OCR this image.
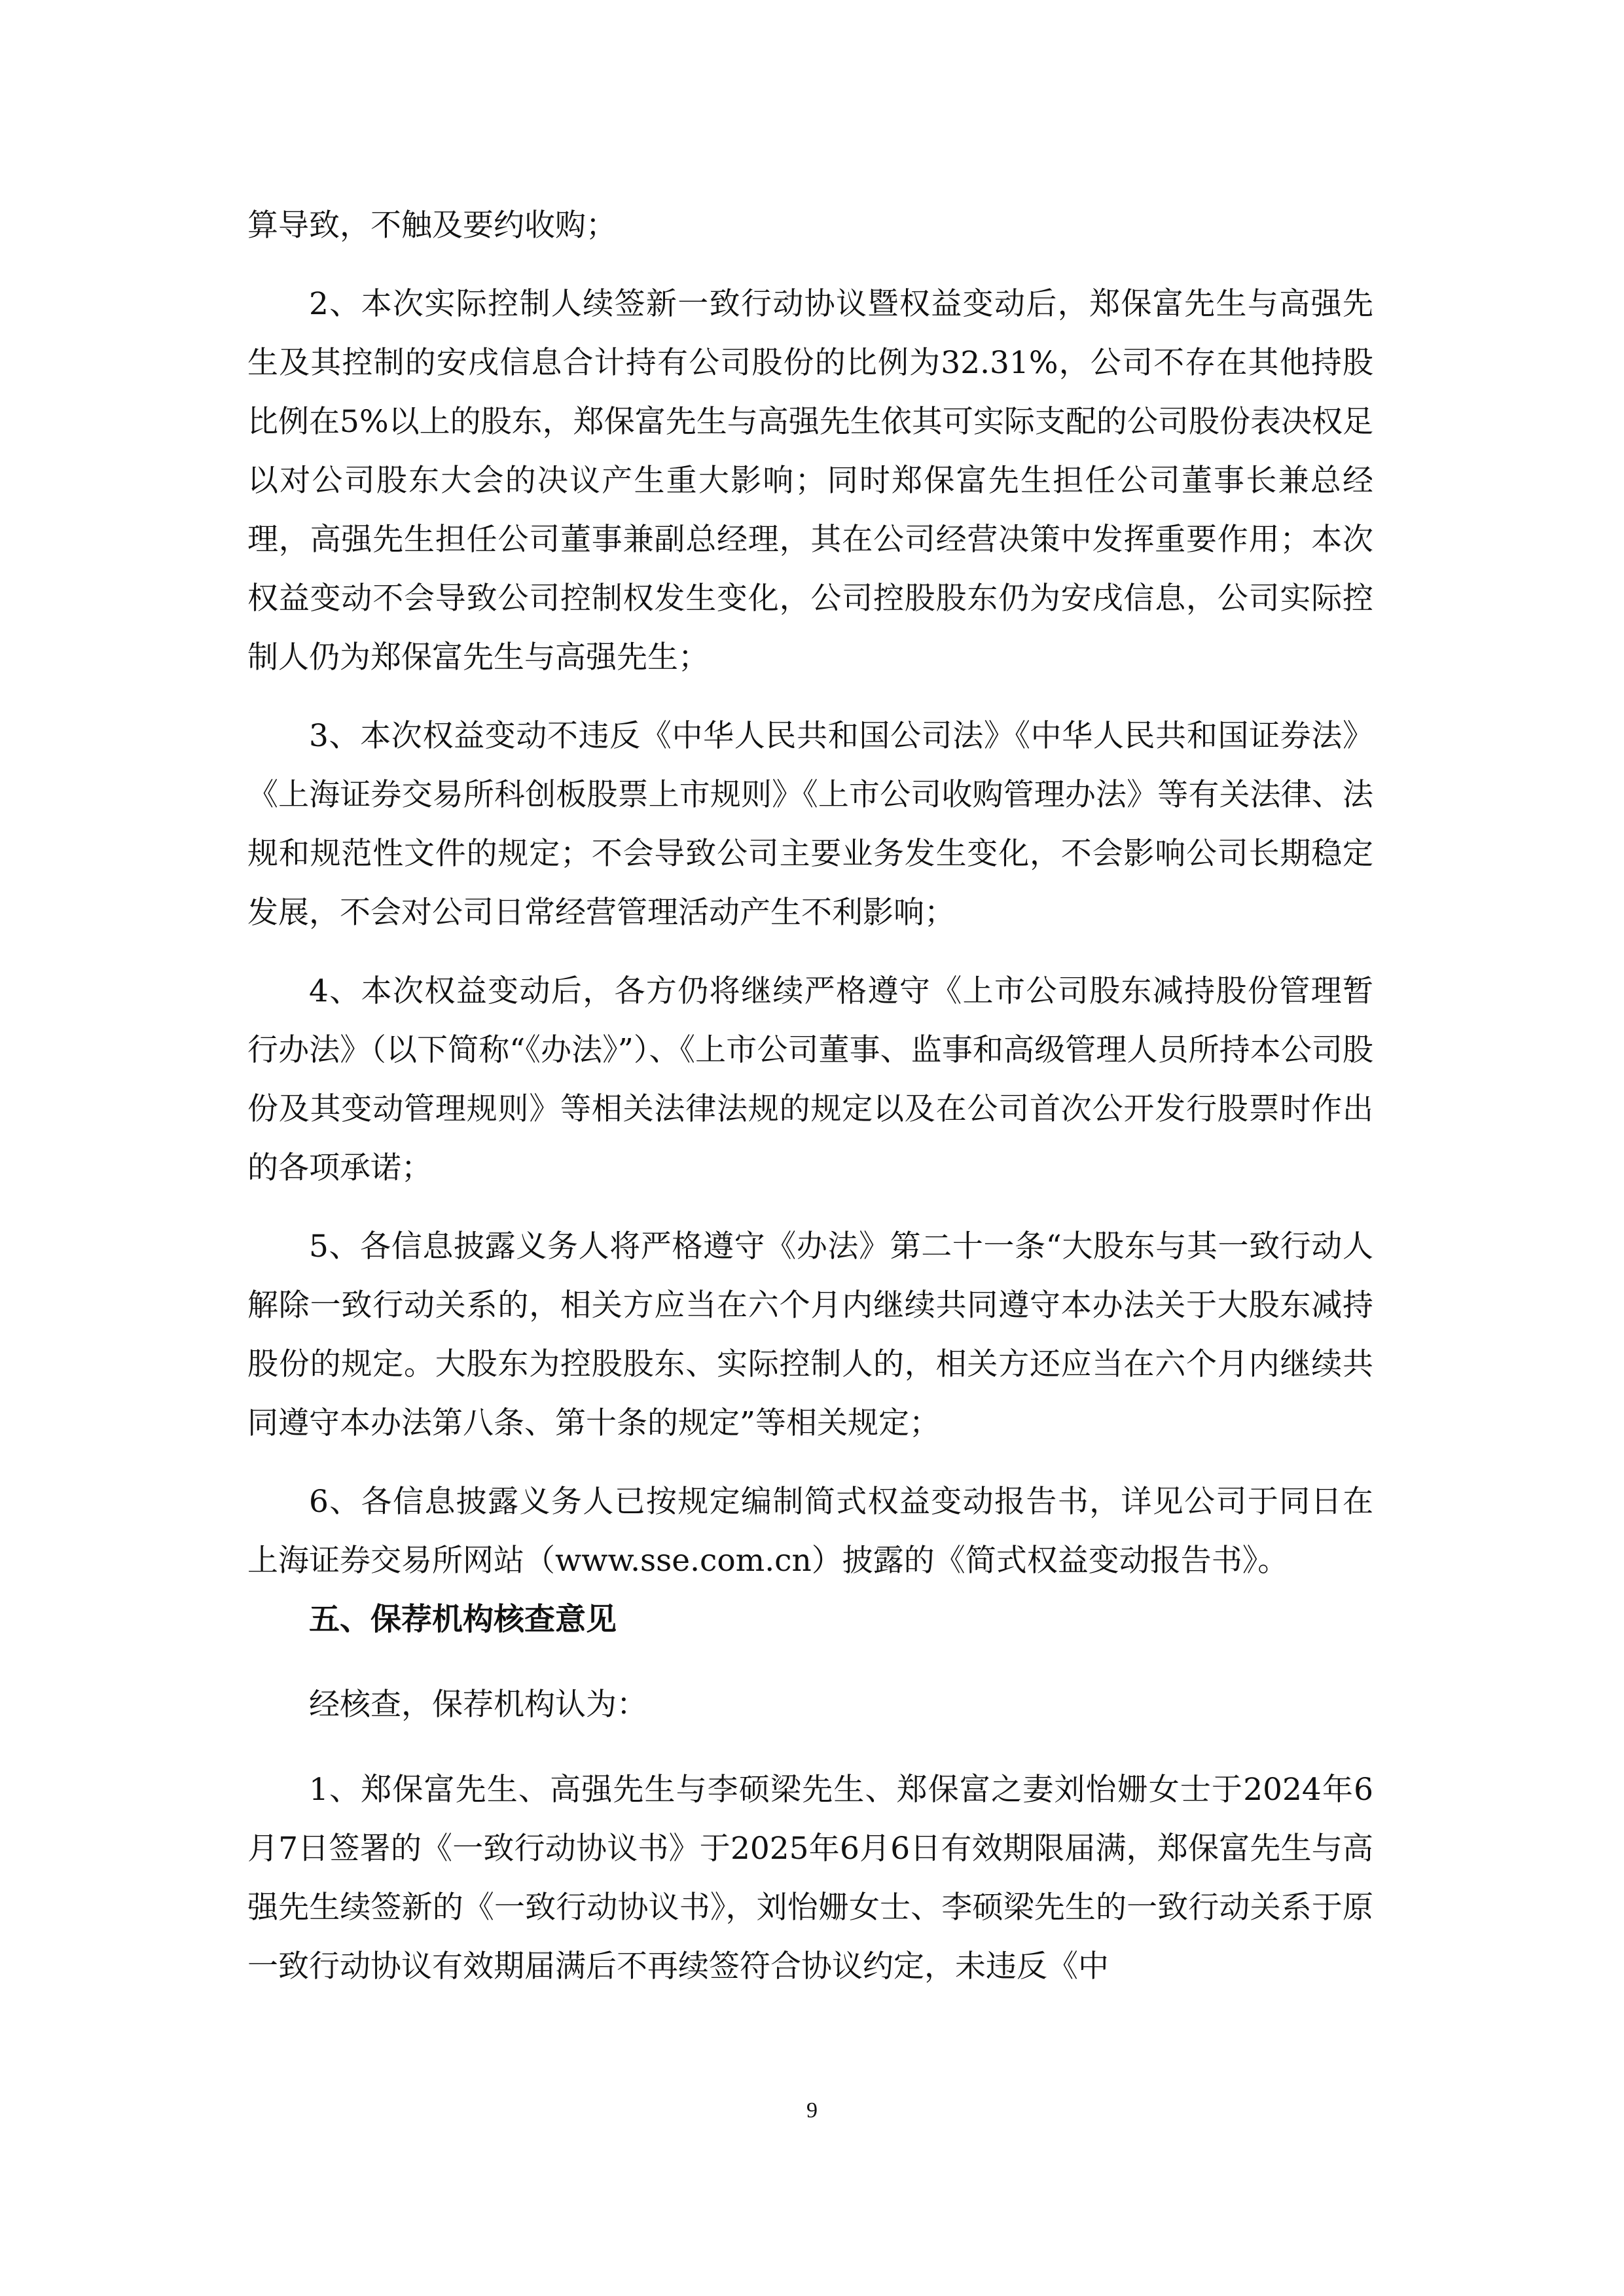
算导致，不触及要约收购；

2、本次实际控制人续签新一致行动协议暨权益变动后，郑保富先生与高强先生及其控制的安戌信息合计持有公司股份的比例为32.31%，公司不存在其他持股比例在5%以上的股东，郑保富先生与高强先生依其可实际支配的公司股份表决权足以对公司股东大会的决议产生重大影响；同时郑保富先生担任公司董事长兼总经理，高强先生担任公司董事兼副总经理，其在公司经营决策中发挥重要作用；本次权益变动不会导致公司控制权发生变化，公司控股股东仍为安戌信息，公司实际控制人仍为郑保富先生与高强先生；

3、本次权益变动不违反《中华人民共和国公司法》《中华人民共和国证券法》《上海证券交易所科创板股票上市规则》《上市公司收购管理办法》等有关法律、法规和规范性文件的规定；不会导致公司主要业务发生变化，不会影响公司长期稳定发展，不会对公司日常经营管理活动产生不利影响；

4、本次权益变动后，各方仍将继续严格遵守《上市公司股东减持股份管理暂行办法》（以下简称“《办法》”）、《上市公司董事、监事和高级管理人员所持本公司股份及其变动管理规则》等相关法律法规的规定以及在公司首次公开发行股票时作出的各项承诺；

5、各信息披露义务人将严格遵守《办法》第二十一条“大股东与其一致行动人解除一致行动关系的，相关方应当在六个月内继续共同遵守本办法关于大股东减持股份的规定。大股东为控股股东、实际控制人的，相关方还应当在六个月内继续共同遵守本办法第八条、第十条的规定”等相关规定；

6、各信息披露义务人已按规定编制简式权益变动报告书，详见公司于同日在上海证券交易所网站（www.sse.com.cn）披露的《简式权益变动报告书》。

五、保荐机构核查意见

经核查，保荐机构认为：

1、郑保富先生、高强先生与李硕梁先生、郑保富之妻刘怡姗女士于2024年6月7日签署的《一致行动协议书》于2025年6月6日有效期限届满，郑保富先生与高强先生续签新的《一致行动协议书》，刘怡姗女士、李硕梁先生的一致行动关系于原一致行动协议有效期届满后不再续签符合协议约定，未违反《中

9
